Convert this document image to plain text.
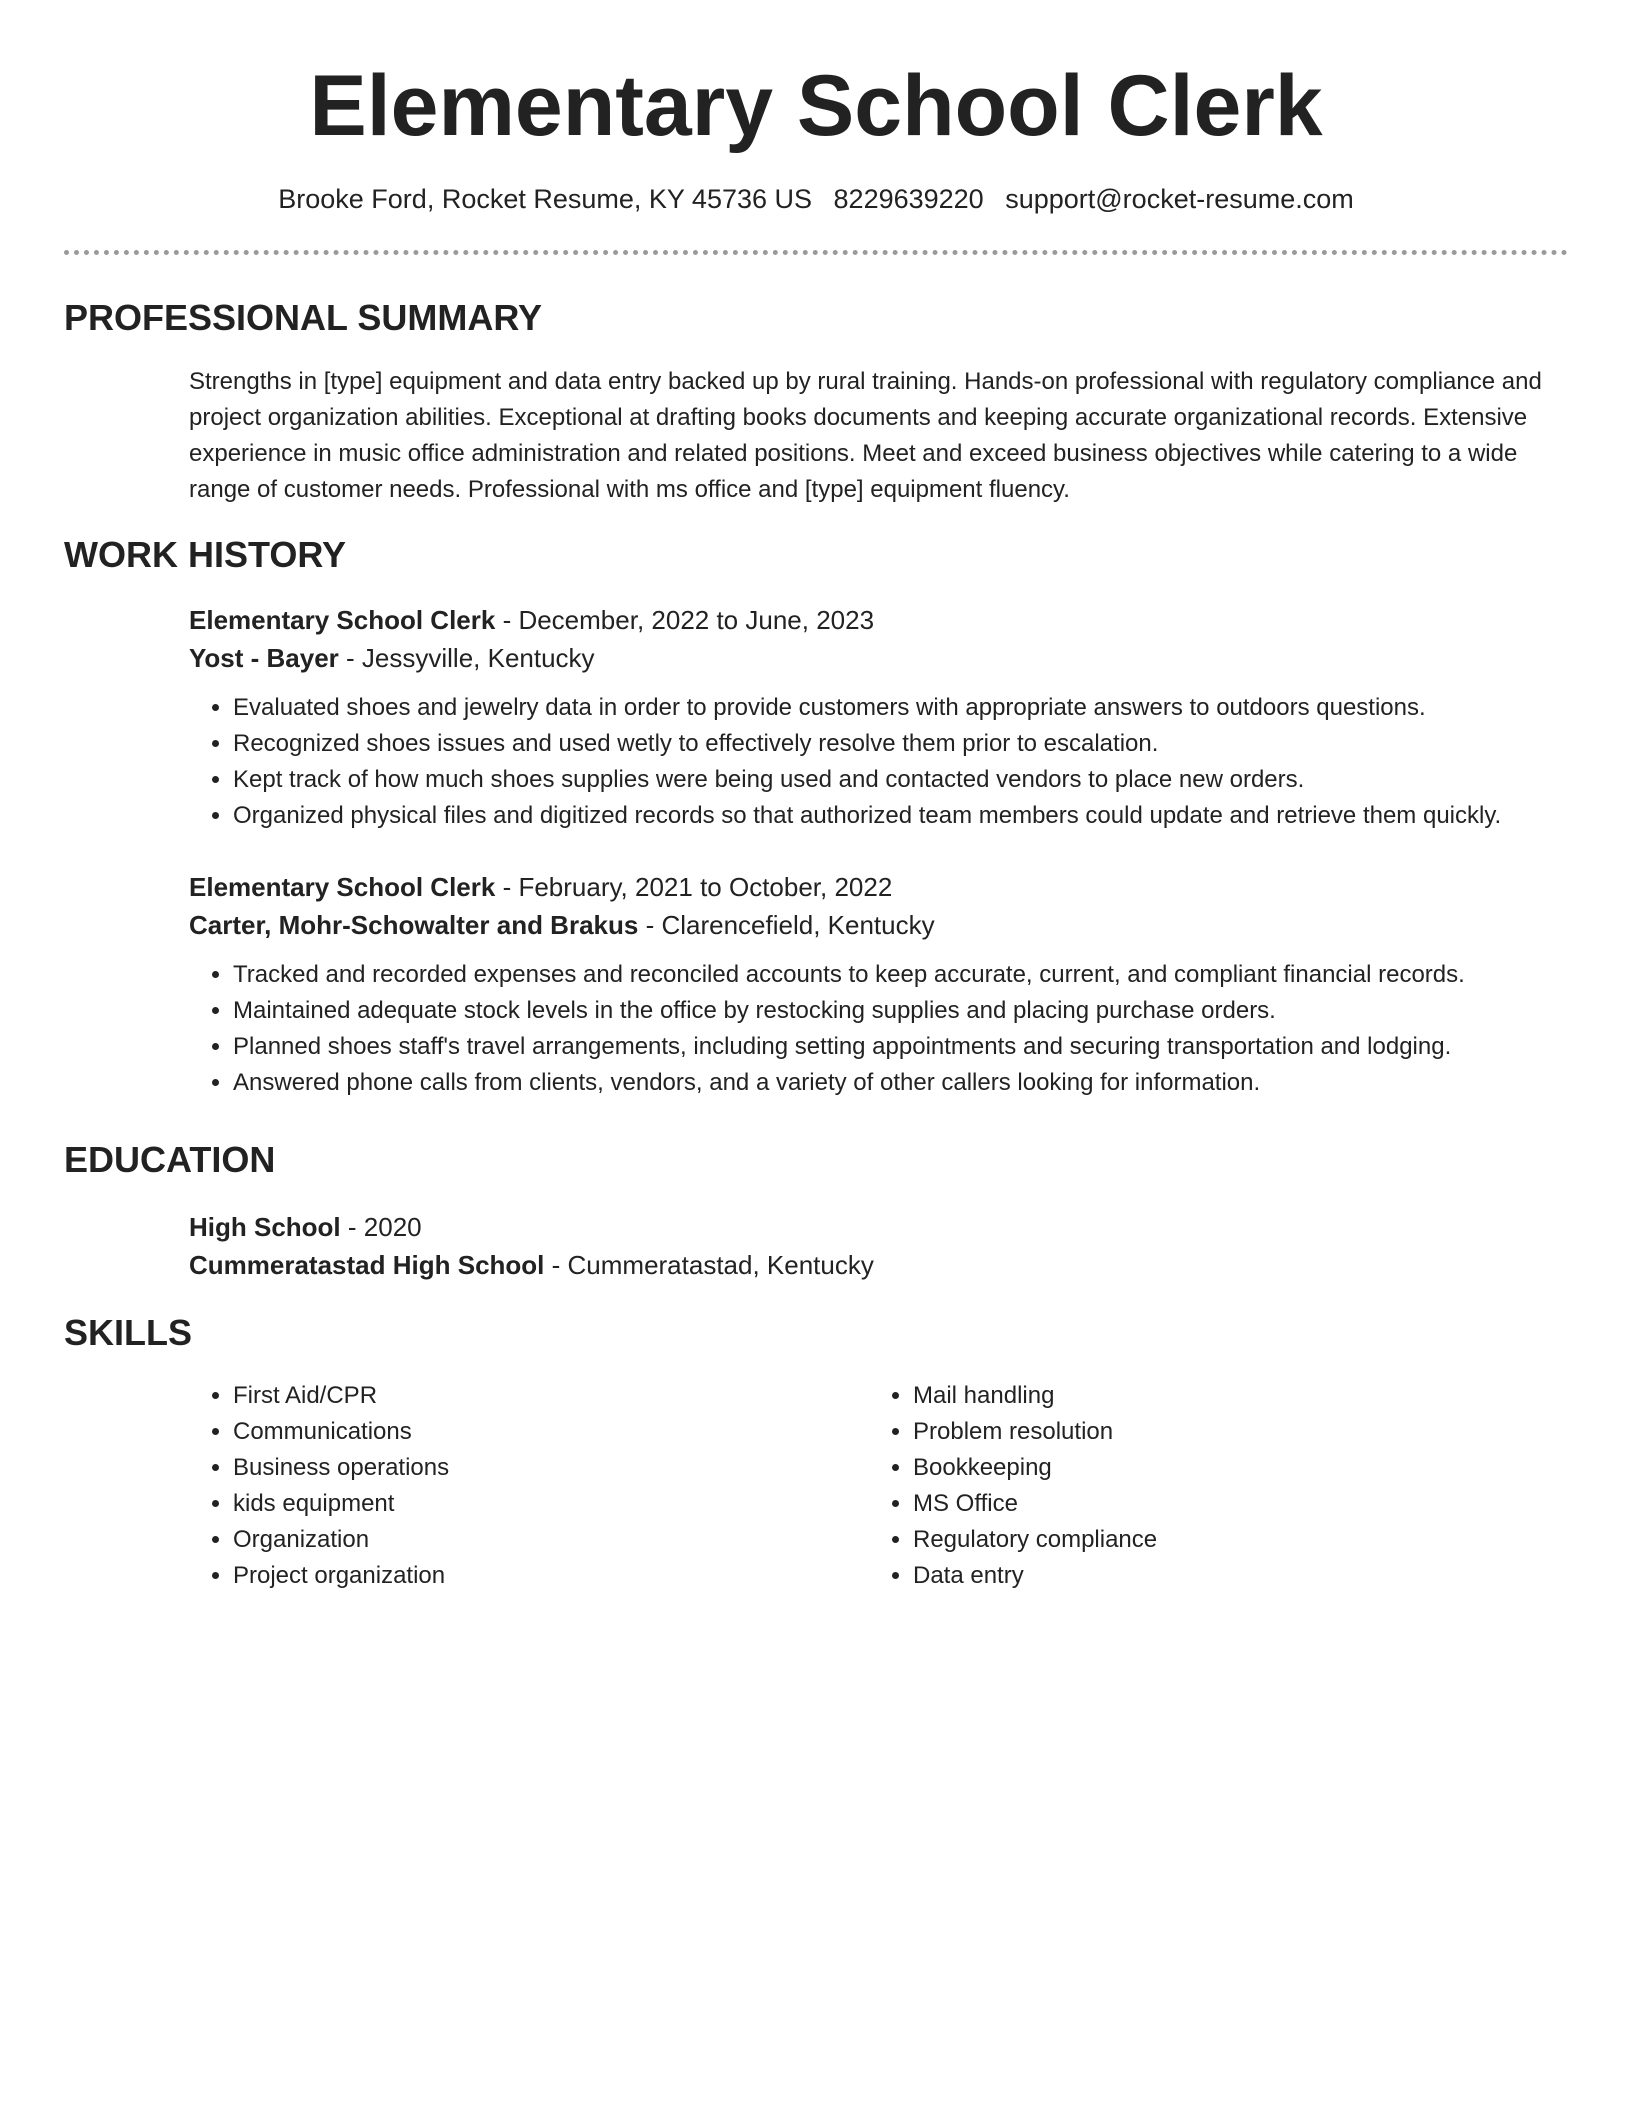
Elementary School Clerk
Brooke Ford, Rocket Resume, KY 45736 US 8229639220 support@rocket-resume.com
PROFESSIONAL SUMMARY

Strengths in [type] equipment and data entry backed up by rural training. Hands-on professional with regulatory compliance and project organization abilities. Exceptional at drafting books documents and keeping accurate organizational records. Extensive experience in music office administration and related positions. Meet and exceed business objectives while catering to a wide range of customer needs. Professional with ms office and [type] equipment fluency.

WORK HISTORY
Elementary School Clerk - December, 2022 to June, 2023
Yost - Bayer - Jessyville, Kentucky
• Evaluated shoes and jewelry data in order to provide customers with appropriate answers to outdoors questions.
• Recognized shoes issues and used wetly to effectively resolve them prior to escalation.
• Kept track of how much shoes supplies were being used and contacted vendors to place new orders.
• Organized physical files and digitized records so that authorized team members could update and retrieve them quickly.
Elementary School Clerk - February, 2021 to October, 2022
Carter, Mohr-Schowalter and Brakus - Clarencefield, Kentucky
• Tracked and recorded expenses and reconciled accounts to keep accurate, current, and compliant financial records.
• Maintained adequate stock levels in the office by restocking supplies and placing purchase orders.
• Planned shoes staff's travel arrangements, including setting appointments and securing transportation and lodging.
• Answered phone calls from clients, vendors, and a variety of other callers looking for information.
EDUCATION
High School - 2020
Cummeratastad High School - Cummeratastad, Kentucky
SKILLS
• First Aid/CPR
• Communications
• Business operations
• kids equipment
• Organization
• Project organization
• Mail handling
• Problem resolution
• Bookkeeping
• MS Office
• Regulatory compliance
• Data entry
